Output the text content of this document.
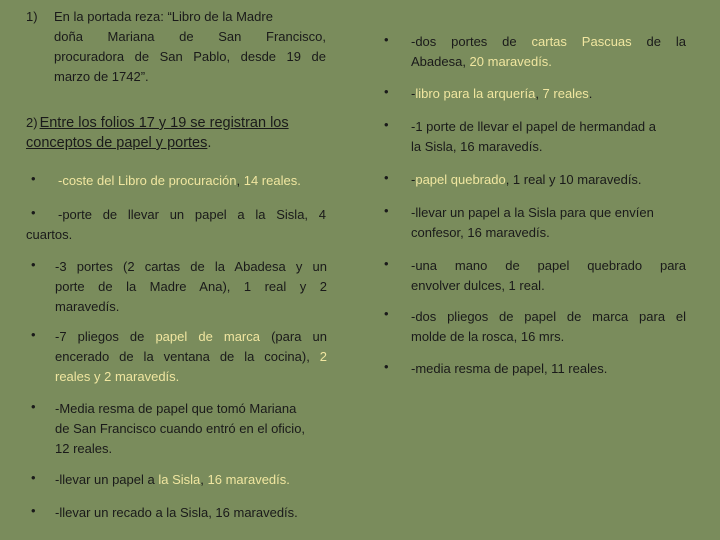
1) En la portada reza: “Libro de la Madre
doña Mariana de San Francisco,
procuradora de San Pablo, desde 19 de
marzo de 1742”.
2) Entre los folios 17 y 19 se registran los
conceptos de papel y portes.
• -coste del Libro de procuración, 14 reales.
•	-porte de llevar un papel a la Sisla, 4
cuartos.
• -3 portes (2 cartas de la Abadesa y un
porte de la Madre Ana), 1 real y 2
maravedís.
• -7 pliegos de papel de marca (para un
encerado de la ventana de la cocina), 2
reales y 2 maravedís.
• -Media resma de papel que tomó Mariana
de San Francisco cuando entró en el oficio,
12 reales.
• -llevar un papel a la Sisla, 16 maravedís.
• -llevar un recado a la Sisla, 16 maravedís.
• -dos portes de cartas Pascuas de la
Abadesa, 20 maravedís.
• -libro para la arquería, 7 reales.
• -1 porte de llevar el papel de hermandad a
la Sisla, 16 maravedís.
• -papel quebrado, 1 real y 10 maravedís.
• -llevar un papel a la Sisla para que envíen
confesor, 16 maravedís.
• -una mano de papel quebrado para
envolver dulces, 1 real.
• -dos pliegos de papel de marca para el
molde de la rosca, 16 mrs.
• -media resma de papel, 11 reales.
